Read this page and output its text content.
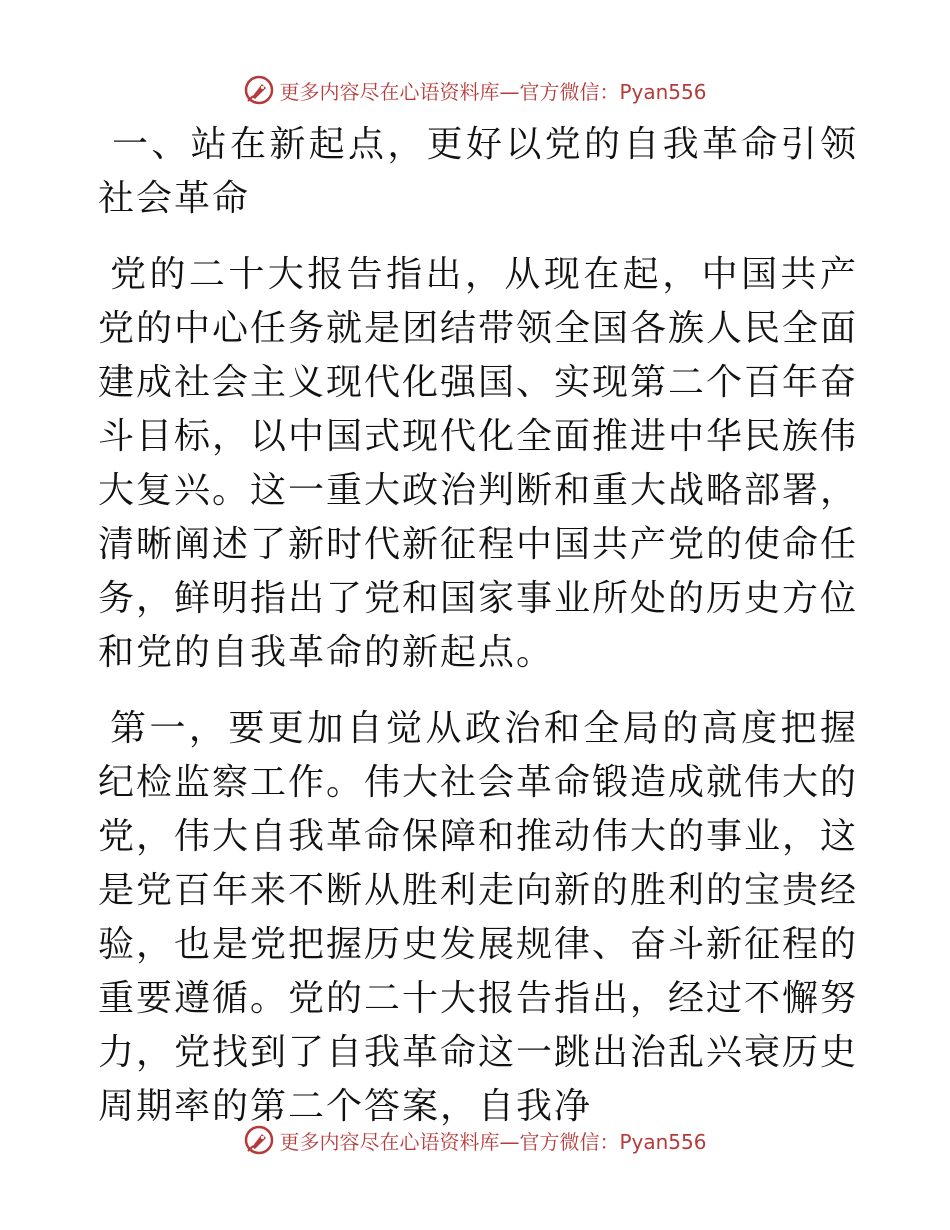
更多内容尽在心语资料库—官方微信：Pyan556

一、站在新起点，更好以党的自我革命引领社会革命

党的二十大报告指出，从现在起，中国共产党的中心任务就是团结带领全国各族人民全面建成社会主义现代化强国、实现第二个百年奋斗目标，以中国式现代化全面推进中华民族伟大复兴。这一重大政治判断和重大战略部署，清晰阐述了新时代新征程中国共产党的使命任务，鲜明指出了党和国家事业所处的历史方位和党的自我革命的新起点。

第一，要更加自觉从政治和全局的高度把握纪检监察工作。伟大社会革命锻造成就伟大的党，伟大自我革命保障和推动伟大的事业，这是党百年来不断从胜利走向新的胜利的宝贵经验，也是党把握历史发展规律、奋斗新征程的重要遵循。党的二十大报告指出，经过不懈努力，党找到了自我革命这一跳出治乱兴衰历史周期率的第二个答案，自我净

更多内容尽在心语资料库—官方微信：Pyan556
